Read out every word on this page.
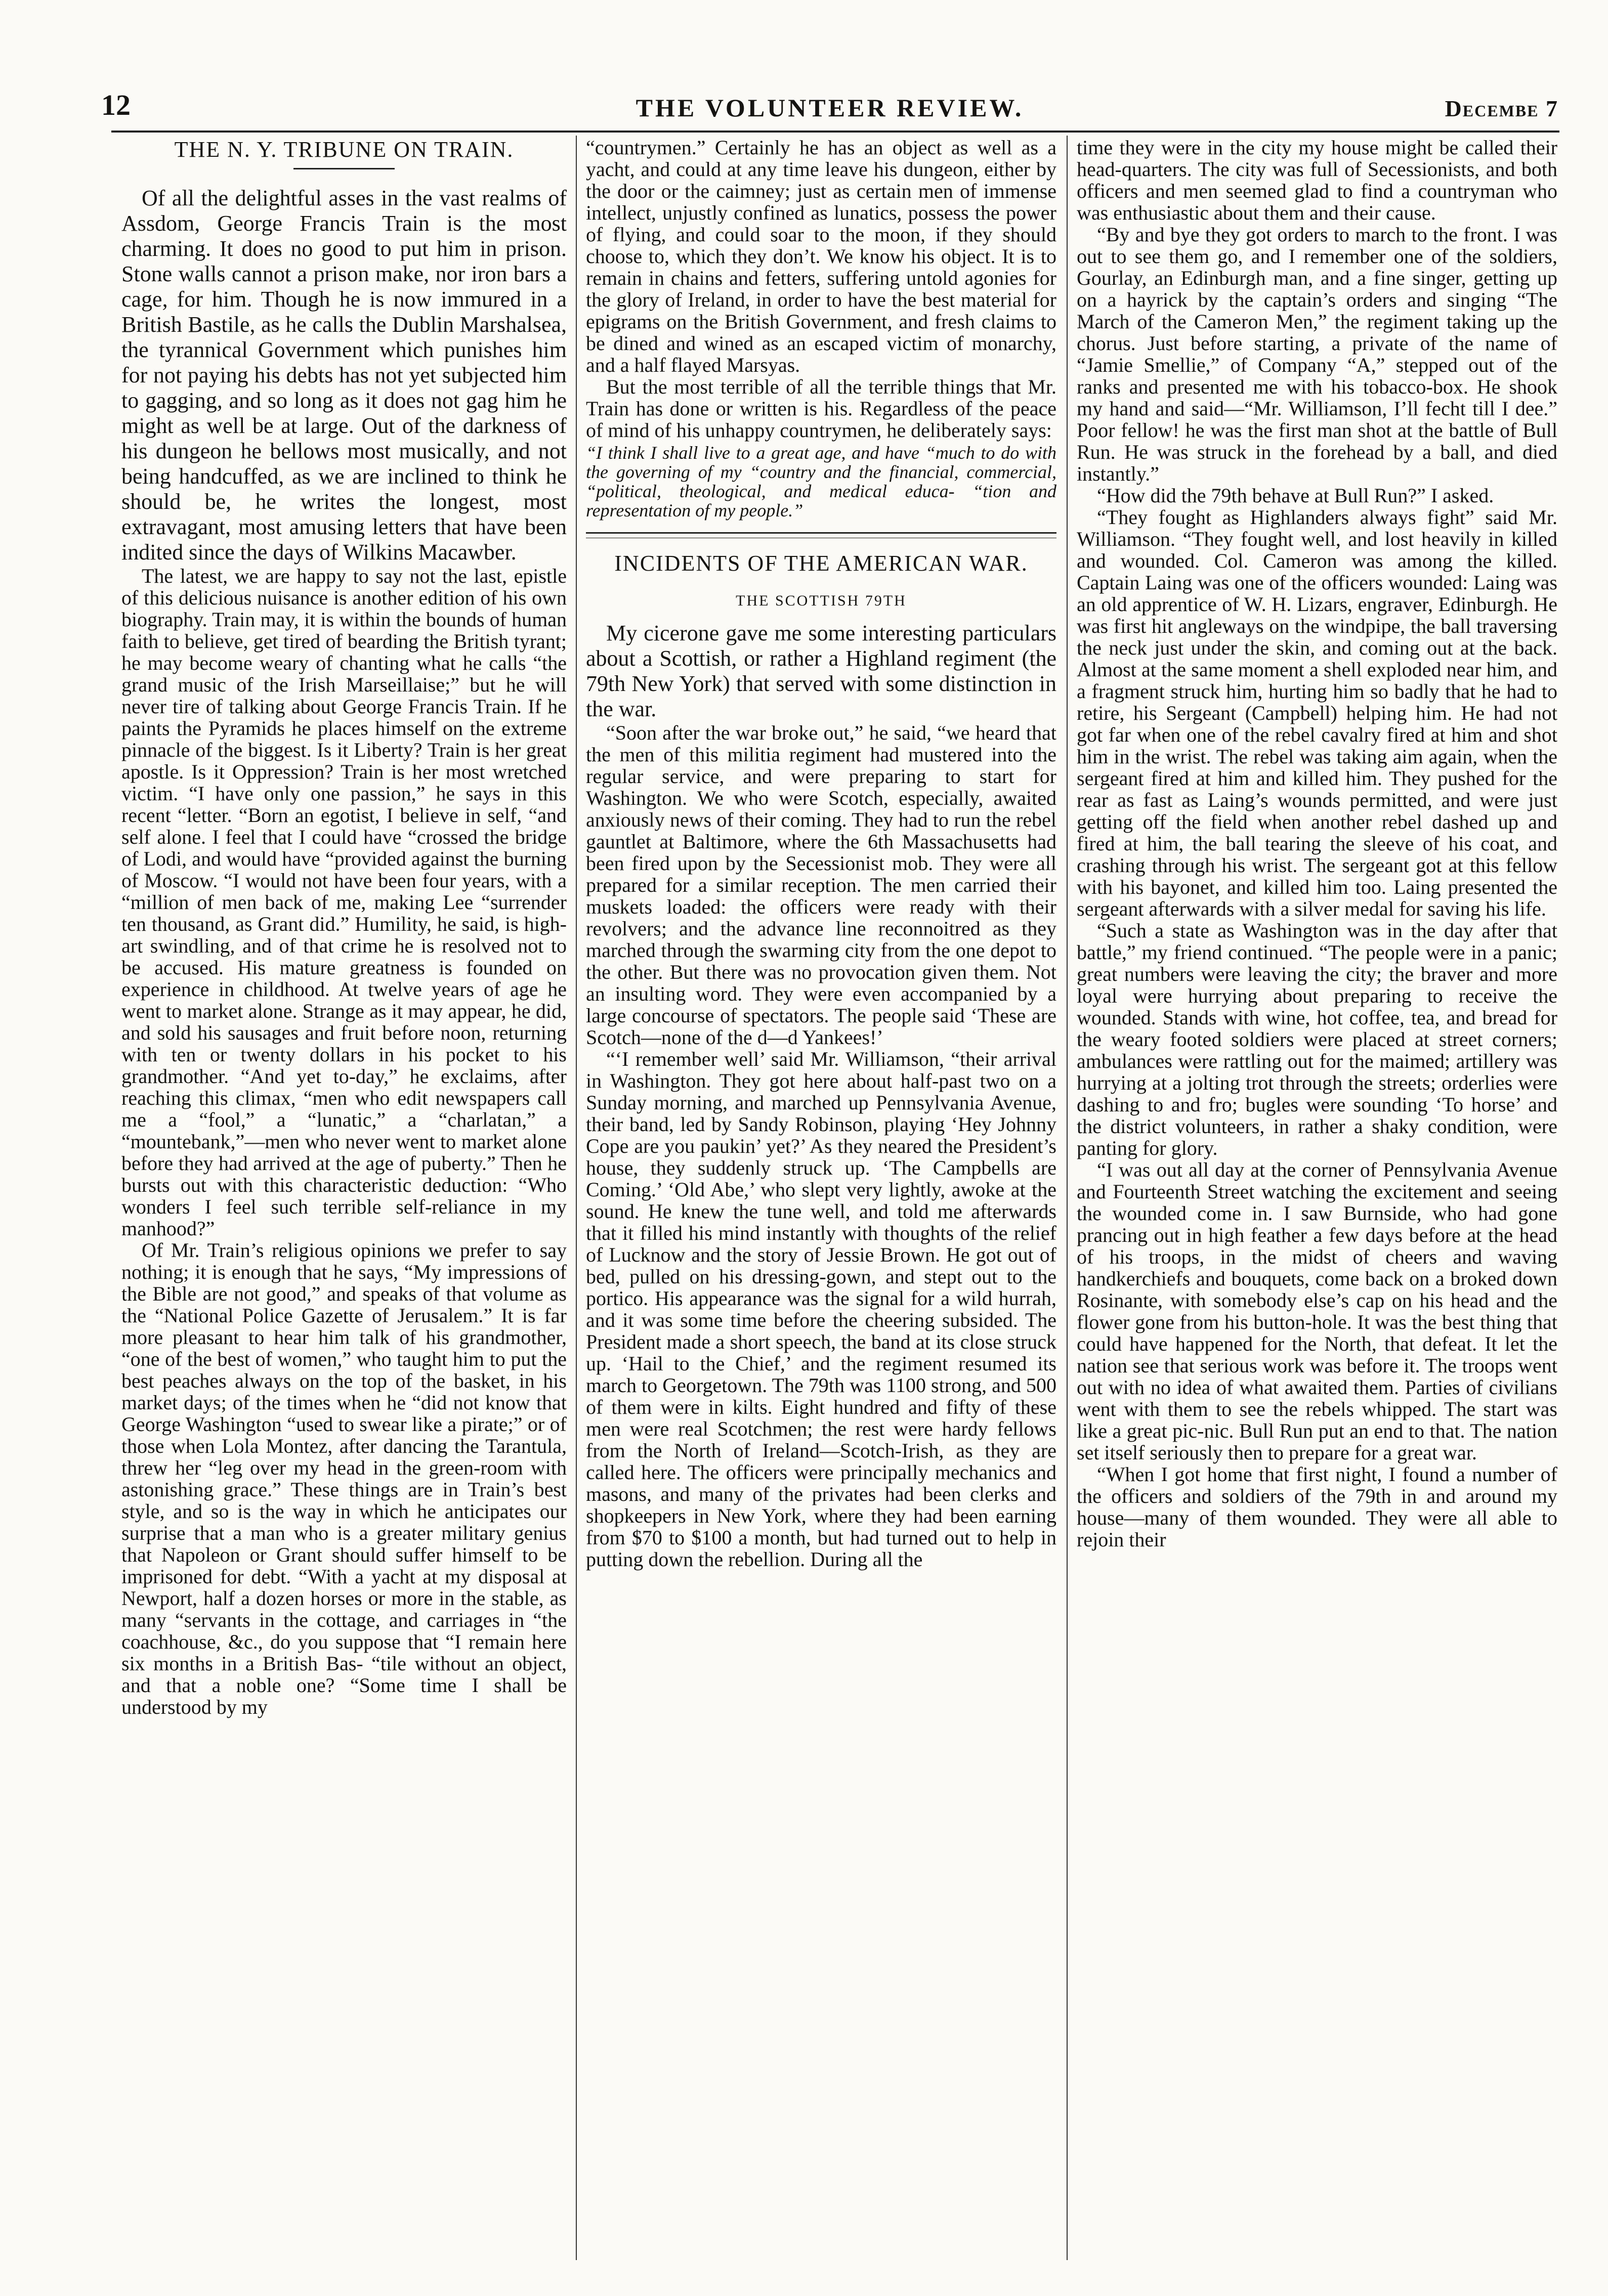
12	THE VOLUNTEER REVIEW.	Decembe 7
THE N. Y. TRIBUNE ON TRAIN.

Of all the delightful asses in the vast realms of Assdom, George Francis Train is the most charming. It does no good to put him in prison. Stone walls cannot a prison make, nor iron bars a cage, for him. Though he is now immured in a British Bastile, as he calls the Dublin Marshalsea, the tyrannical Government which punishes him for not paying his debts has not yet subjected him to gagging, and so long as it does not gag him he might as well be at large. Out of the darkness of his dungeon he bellows most musically, and not being handcuffed, as we are inclined to think he should be, he writes the longest, most extravagant, most amusing letters that have been indited since the days of Wilkins Macawber.

The latest, we are happy to say not the last, epistle of this delicious nuisance is another edition of his own biography. Train may, it is within the bounds of human faith to believe, get tired of bearding the British tyrant; he may become weary of chanting what he calls “the grand music of the Irish Marseillaise;” but he will never tire of talking about George Francis Train. If he paints the Pyramids he places himself on the extreme pinnacle of the biggest. Is it Liberty? Train is her great apostle. Is it Oppression? Train is her most wretched victim. “I have only one passion,” he says in this recent “letter. “Born an egotist, I believe in self, “and self alone. I feel that I could have “crossed the bridge of Lodi, and would have “provided against the burning of Moscow. “I would not have been four years, with a “million of men back of me, making Lee “surrender ten thousand, as Grant did.” Humility, he said, is high-art swindling, and of that crime he is resolved not to be accused. His mature greatness is founded on experience in childhood. At twelve years of age he went to market alone. Strange as it may appear, he did, and sold his sausages and fruit before noon, returning with ten or twenty dollars in his pocket to his grandmother. “And yet to-day,” he exclaims, after reaching this climax, “men who edit newspapers call me a “fool,” a “lunatic,” a “charlatan,” a “mountebank,”—men who never went to market alone before they had arrived at the age of puberty.” Then he bursts out with this characteristic deduction: “Who wonders I feel such terrible self-reliance in my manhood?”

Of Mr. Train’s religious opinions we prefer to say nothing; it is enough that he says, “My impressions of the Bible are not good,” and speaks of that volume as the “National Police Gazette of Jerusalem.” It is far more pleasant to hear him talk of his grandmother, “one of the best of women,” who taught him to put the best peaches always on the top of the basket, in his market days; of the times when he “did not know that George Washington “used to swear like a pirate;” or of those when Lola Montez, after dancing the Tarantula, threw her “leg over my head in the green-room with astonishing grace.” These things are in Train’s best style, and so is the way in which he anticipates our surprise that a man who is a greater military genius that Napoleon or Grant should suffer himself to be imprisoned for debt. “With a yacht at my disposal at Newport, half a dozen horses or more in the stable, as many “servants in the cottage, and carriages in “the coachhouse, &c., do you suppose that “I remain here six months in a British Bas- “tile without an object, and that a noble one? “Some time I shall be understood by my

“countrymen.” Certainly he has an object as well as a yacht, and could at any time leave his dungeon, either by the door or the caimney; just as certain men of immense intellect, unjustly confined as lunatics, possess the power of flying, and could soar to the moon, if they should choose to, which they don’t. We know his object. It is to remain in chains and fetters, suffering untold agonies for the glory of Ireland, in order to have the best material for epigrams on the British Government, and fresh claims to be dined and wined as an escaped victim of monarchy, and a half flayed Marsyas.

But the most terrible of all the terrible things that Mr. Train has done or written is his. Regardless of the peace of mind of his unhappy countrymen, he deliberately says:

“I think I shall live to a great age, and have “much to do with the governing of my “country and the financial, commercial, “political, theological, and medical educa- “tion and representation of my people.”

INCIDENTS OF THE AMERICAN WAR.
THE SCOTTISH 79TH

My cicerone gave me some interesting particulars about a Scottish, or rather a Highland regiment (the 79th New York) that served with some distinction in the war.

“Soon after the war broke out,” he said, “we heard that the men of this militia regiment had mustered into the regular service, and were preparing to start for Washington. We who were Scotch, especially, awaited anxiously news of their coming. They had to run the rebel gauntlet at Baltimore, where the 6th Massachusetts had been fired upon by the Secessionist mob. They were all prepared for a similar reception. The men carried their muskets loaded: the officers were ready with their revolvers; and the advance line reconnoitred as they marched through the swarming city from the one depot to the other. But there was no provocation given them. Not an insulting word. They were even accompanied by a large concourse of spectators. The people said ‘These are Scotch—none of the d—d Yankees!’

“‘I remember well’ said Mr. Williamson, “their arrival in Washington. They got here about half-past two on a Sunday morning, and marched up Pennsylvania Avenue, their band, led by Sandy Robinson, playing ‘Hey Johnny Cope are you paukin’ yet?’ As they neared the President’s house, they suddenly struck up. ‘The Campbells are Coming.’ ‘Old Abe,’ who slept very lightly, awoke at the sound. He knew the tune well, and told me afterwards that it filled his mind instantly with thoughts of the relief of Lucknow and the story of Jessie Brown. He got out of bed, pulled on his dressing-gown, and stept out to the portico. His appearance was the signal for a wild hurrah, and it was some time before the cheering subsided. The President made a short speech, the band at its close struck up. ‘Hail to the Chief,’ and the regiment resumed its march to Georgetown. The 79th was 1100 strong, and 500 of them were in kilts. Eight hundred and fifty of these men were real Scotchmen; the rest were hardy fellows from the North of Ireland—Scotch-Irish, as they are called here. The officers were principally mechanics and masons, and many of the privates had been clerks and shopkeepers in New York, where they had been earning from $70 to $100 a month, but had turned out to help in putting down the rebellion. During all the

time they were in the city my house might be called their head-quarters. The city was full of Secessionists, and both officers and men seemed glad to find a countryman who was enthusiastic about them and their cause.

“By and bye they got orders to march to the front. I was out to see them go, and I remember one of the soldiers, Gourlay, an Edinburgh man, and a fine singer, getting up on a hayrick by the captain’s orders and singing “The March of the Cameron Men,” the regiment taking up the chorus. Just before starting, a private of the name of “Jamie Smellie,” of Company “A,” stepped out of the ranks and presented me with his tobacco-box. He shook my hand and said—“Mr. Williamson, I’ll fecht till I dee.” Poor fellow! he was the first man shot at the battle of Bull Run. He was struck in the forehead by a ball, and died instantly.”

“How did the 79th behave at Bull Run?” I asked.

“They fought as Highlanders always fight” said Mr. Williamson. “They fought well, and lost heavily in killed and wounded. Col. Cameron was among the killed. Captain Laing was one of the officers wounded: Laing was an old apprentice of W. H. Lizars, engraver, Edinburgh. He was first hit angleways on the windpipe, the ball traversing the neck just under the skin, and coming out at the back. Almost at the same moment a shell exploded near him, and a fragment struck him, hurting him so badly that he had to retire, his Sergeant (Campbell) helping him. He had not got far when one of the rebel cavalry fired at him and shot him in the wrist. The rebel was taking aim again, when the sergeant fired at him and killed him. They pushed for the rear as fast as Laing’s wounds permitted, and were just getting off the field when another rebel dashed up and fired at him, the ball tearing the sleeve of his coat, and crashing through his wrist. The sergeant got at this fellow with his bayonet, and killed him too. Laing presented the sergeant afterwards with a silver medal for saving his life.

“Such a state as Washington was in the day after that battle,” my friend continued. “The people were in a panic; great numbers were leaving the city; the braver and more loyal were hurrying about preparing to receive the wounded. Stands with wine, hot coffee, tea, and bread for the weary footed soldiers were placed at street corners; ambulances were rattling out for the maimed; artillery was hurrying at a jolting trot through the streets; orderlies were dashing to and fro; bugles were sounding ‘To horse’ and the district volunteers, in rather a shaky condition, were panting for glory.

“I was out all day at the corner of Pennsylvania Avenue and Fourteenth Street watching the excitement and seeing the wounded come in. I saw Burnside, who had gone prancing out in high feather a few days before at the head of his troops, in the midst of cheers and waving handkerchiefs and bouquets, come back on a broked down Rosinante, with somebody else’s cap on his head and the flower gone from his button-hole. It was the best thing that could have happened for the North, that defeat. It let the nation see that serious work was before it. The troops went out with no idea of what awaited them. Parties of civilians went with them to see the rebels whipped. The start was like a great pic-nic. Bull Run put an end to that. The nation set itself seriously then to prepare for a great war.

“When I got home that first night, I found a number of the officers and soldiers of the 79th in and around my house—many of them wounded. They were all able to rejoin their
